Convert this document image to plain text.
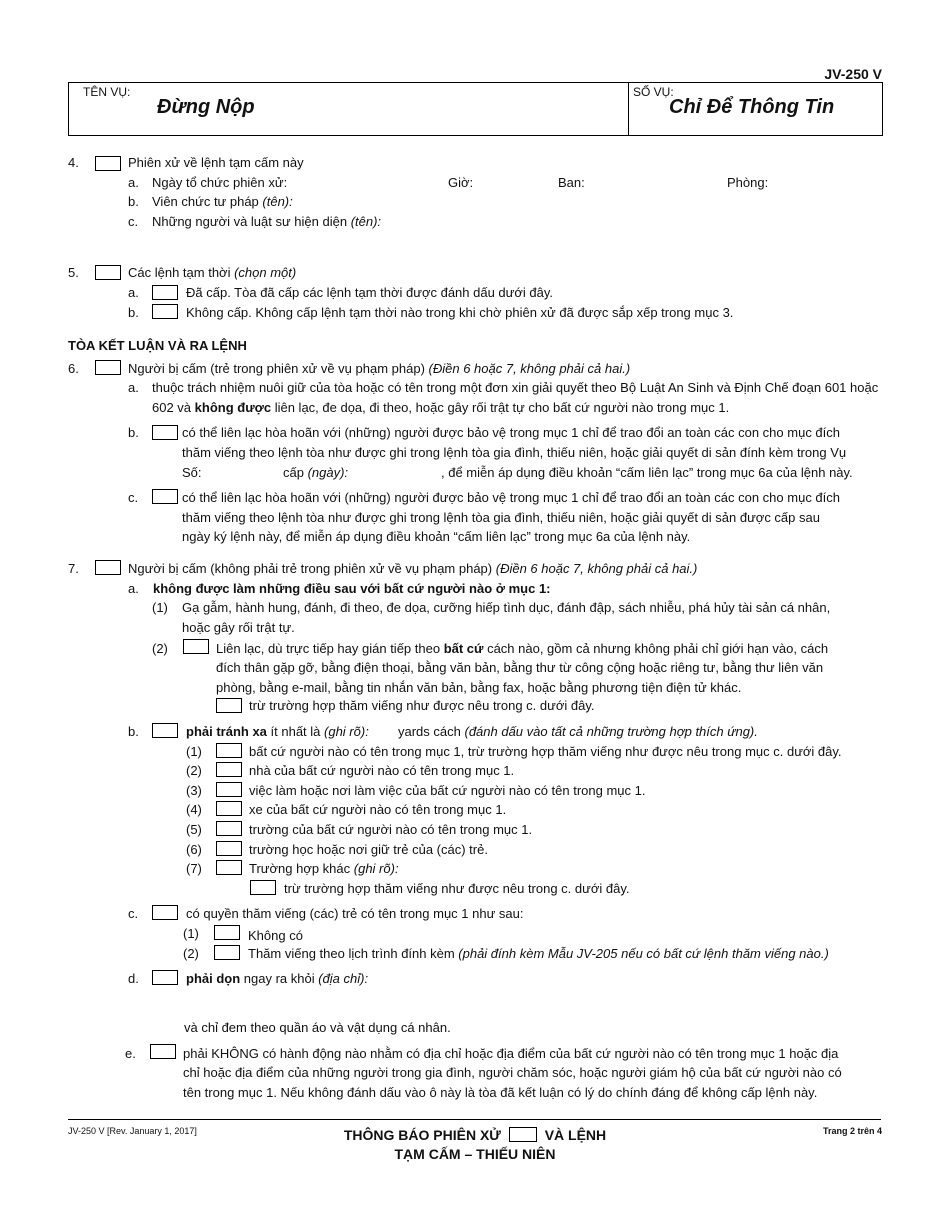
JV-250 V
TÊN VỤ:
Đừng Nộp
SỐ VỤ:
Chỉ Để Thông Tin
4.	Phiên xử về lệnh tạm cấm này
a. Ngày tổ chức phiên xử:	Giờ:	Ban:	Phòng:
b. Viên chức tư pháp (tên):
c. Những người và luật sư hiện diện (tên):
5.	Các lệnh tạm thời (chọn một)
a.	Đã cấp. Tòa đã cấp các lệnh tạm thời được đánh dấu dưới đây.
b.	Không cấp. Không cấp lệnh tạm thời nào trong khi chờ phiên xử đã được sắp xếp trong mục 3.
TÒA KẾT LUẬN VÀ RA LỆNH
6.	Người bị cấm (trẻ trong phiên xử về vụ phạm pháp) (Điền 6 hoặc 7, không phải cả hai.)
a. thuộc trách nhiệm nuôi giữ của tòa hoặc có tên trong một đơn xin giải quyết theo Bộ Luật An Sinh và Định Chế đoạn 601 hoặc
602 và không được liên lạc, đe dọa, đi theo, hoặc gây rối trật tự cho bất cứ người nào trong mục 1.
b.	có thể liên lạc hòa hoãn với (những) người được bảo vệ trong mục 1 chỉ để trao đổi an toàn các con cho mục đích
thăm viếng theo lệnh tòa như được ghi trong lệnh tòa gia đình, thiếu niên, hoặc giải quyết di sản đính kèm trong Vụ
Số:	cấp (ngày):	, để miễn áp dụng điều khoản “cấm liên lạc” trong mục 6a của lệnh này.
c.	có thể liên lạc hòa hoãn với (những) người được bảo vệ trong mục 1 chỉ để trao đổi an toàn các con cho mục đích
thăm viếng theo lệnh tòa như được ghi trong lệnh tòa gia đình, thiếu niên, hoặc giải quyết di sản được cấp sau
ngày ký lệnh này, để miễn áp dụng điều khoản “cấm liên lạc” trong mục 6a của lệnh này.
7.	Người bị cấm (không phải trẻ trong phiên xử về vụ phạm pháp) (Điền 6 hoặc 7, không phải cả hai.)
a. không được làm những điều sau với bất cứ người nào ở mục 1:
(1) Gạ gẫm, hành hung, đánh, đi theo, đe dọa, cưỡng hiếp tình dục, đánh đập, sách nhiễu, phá hủy tài sản cá nhân,
hoặc gây rối trật tự.
(2)	Liên lạc, dù trực tiếp hay gián tiếp theo bất cứ cách nào, gồm cả nhưng không phải chỉ giới hạn vào, cách
đích thân gặp gỡ, bằng điện thoại, bằng văn bản, bằng thư từ công cộng hoặc riêng tư, bằng thư liên văn
phòng, bằng e-mail, bằng tin nhắn văn bản, bằng fax, hoặc bằng phương tiện điện tử khác.
trừ trường hợp thăm viếng như được nêu trong c. dưới đây.
b.	phải tránh xa ít nhất là (ghi rõ): yards cách (đánh dấu vào tất cả những trường hợp thích ứng).
(1)	bất cứ người nào có tên trong mục 1, trừ trường hợp thăm viếng như được nêu trong mục c. dưới đây.
(2)	nhà của bất cứ người nào có tên trong mục 1.
(3)	việc làm hoặc nơi làm việc của bất cứ người nào có tên trong mục 1.
(4)	xe của bất cứ người nào có tên trong mục 1.
(5)	trường của bất cứ người nào có tên trong mục 1.
(6)	trường học hoặc nơi giữ trẻ của (các) trẻ.
(7)	Trường hợp khác (ghi rõ):
trừ trường hợp thăm viếng như được nêu trong c. dưới đây.
c.	có quyền thăm viếng (các) trẻ có tên trong mục 1 như sau:
(1)	Không có
(2)	Thăm viếng theo lịch trình đính kèm (phải đính kèm Mẫu JV-205 nếu có bất cứ lệnh thăm viếng nào.)
d.	phải dọn ngay ra khỏi (địa chỉ):
và chỉ đem theo quần áo và vật dụng cá nhân.
e.	phải KHÔNG có hành động nào nhằm có địa chỉ hoặc địa điểm của bất cứ người nào có tên trong mục 1 hoặc địa
chỉ hoặc địa điểm của những người trong gia đình, người chăm sóc, hoặc người giám hộ của bất cứ người nào có
tên trong mục 1. Nếu không đánh dấu vào ô này là tòa đã kết luận có lý do chính đáng để không cấp lệnh này.
JV-250 V [Rev. January 1, 2017]	Trang 2 trên 4
THÔNG BÁO PHIÊN XỬ	VÀ LỆNH
TẠM CẤM – THIẾU NIÊN
